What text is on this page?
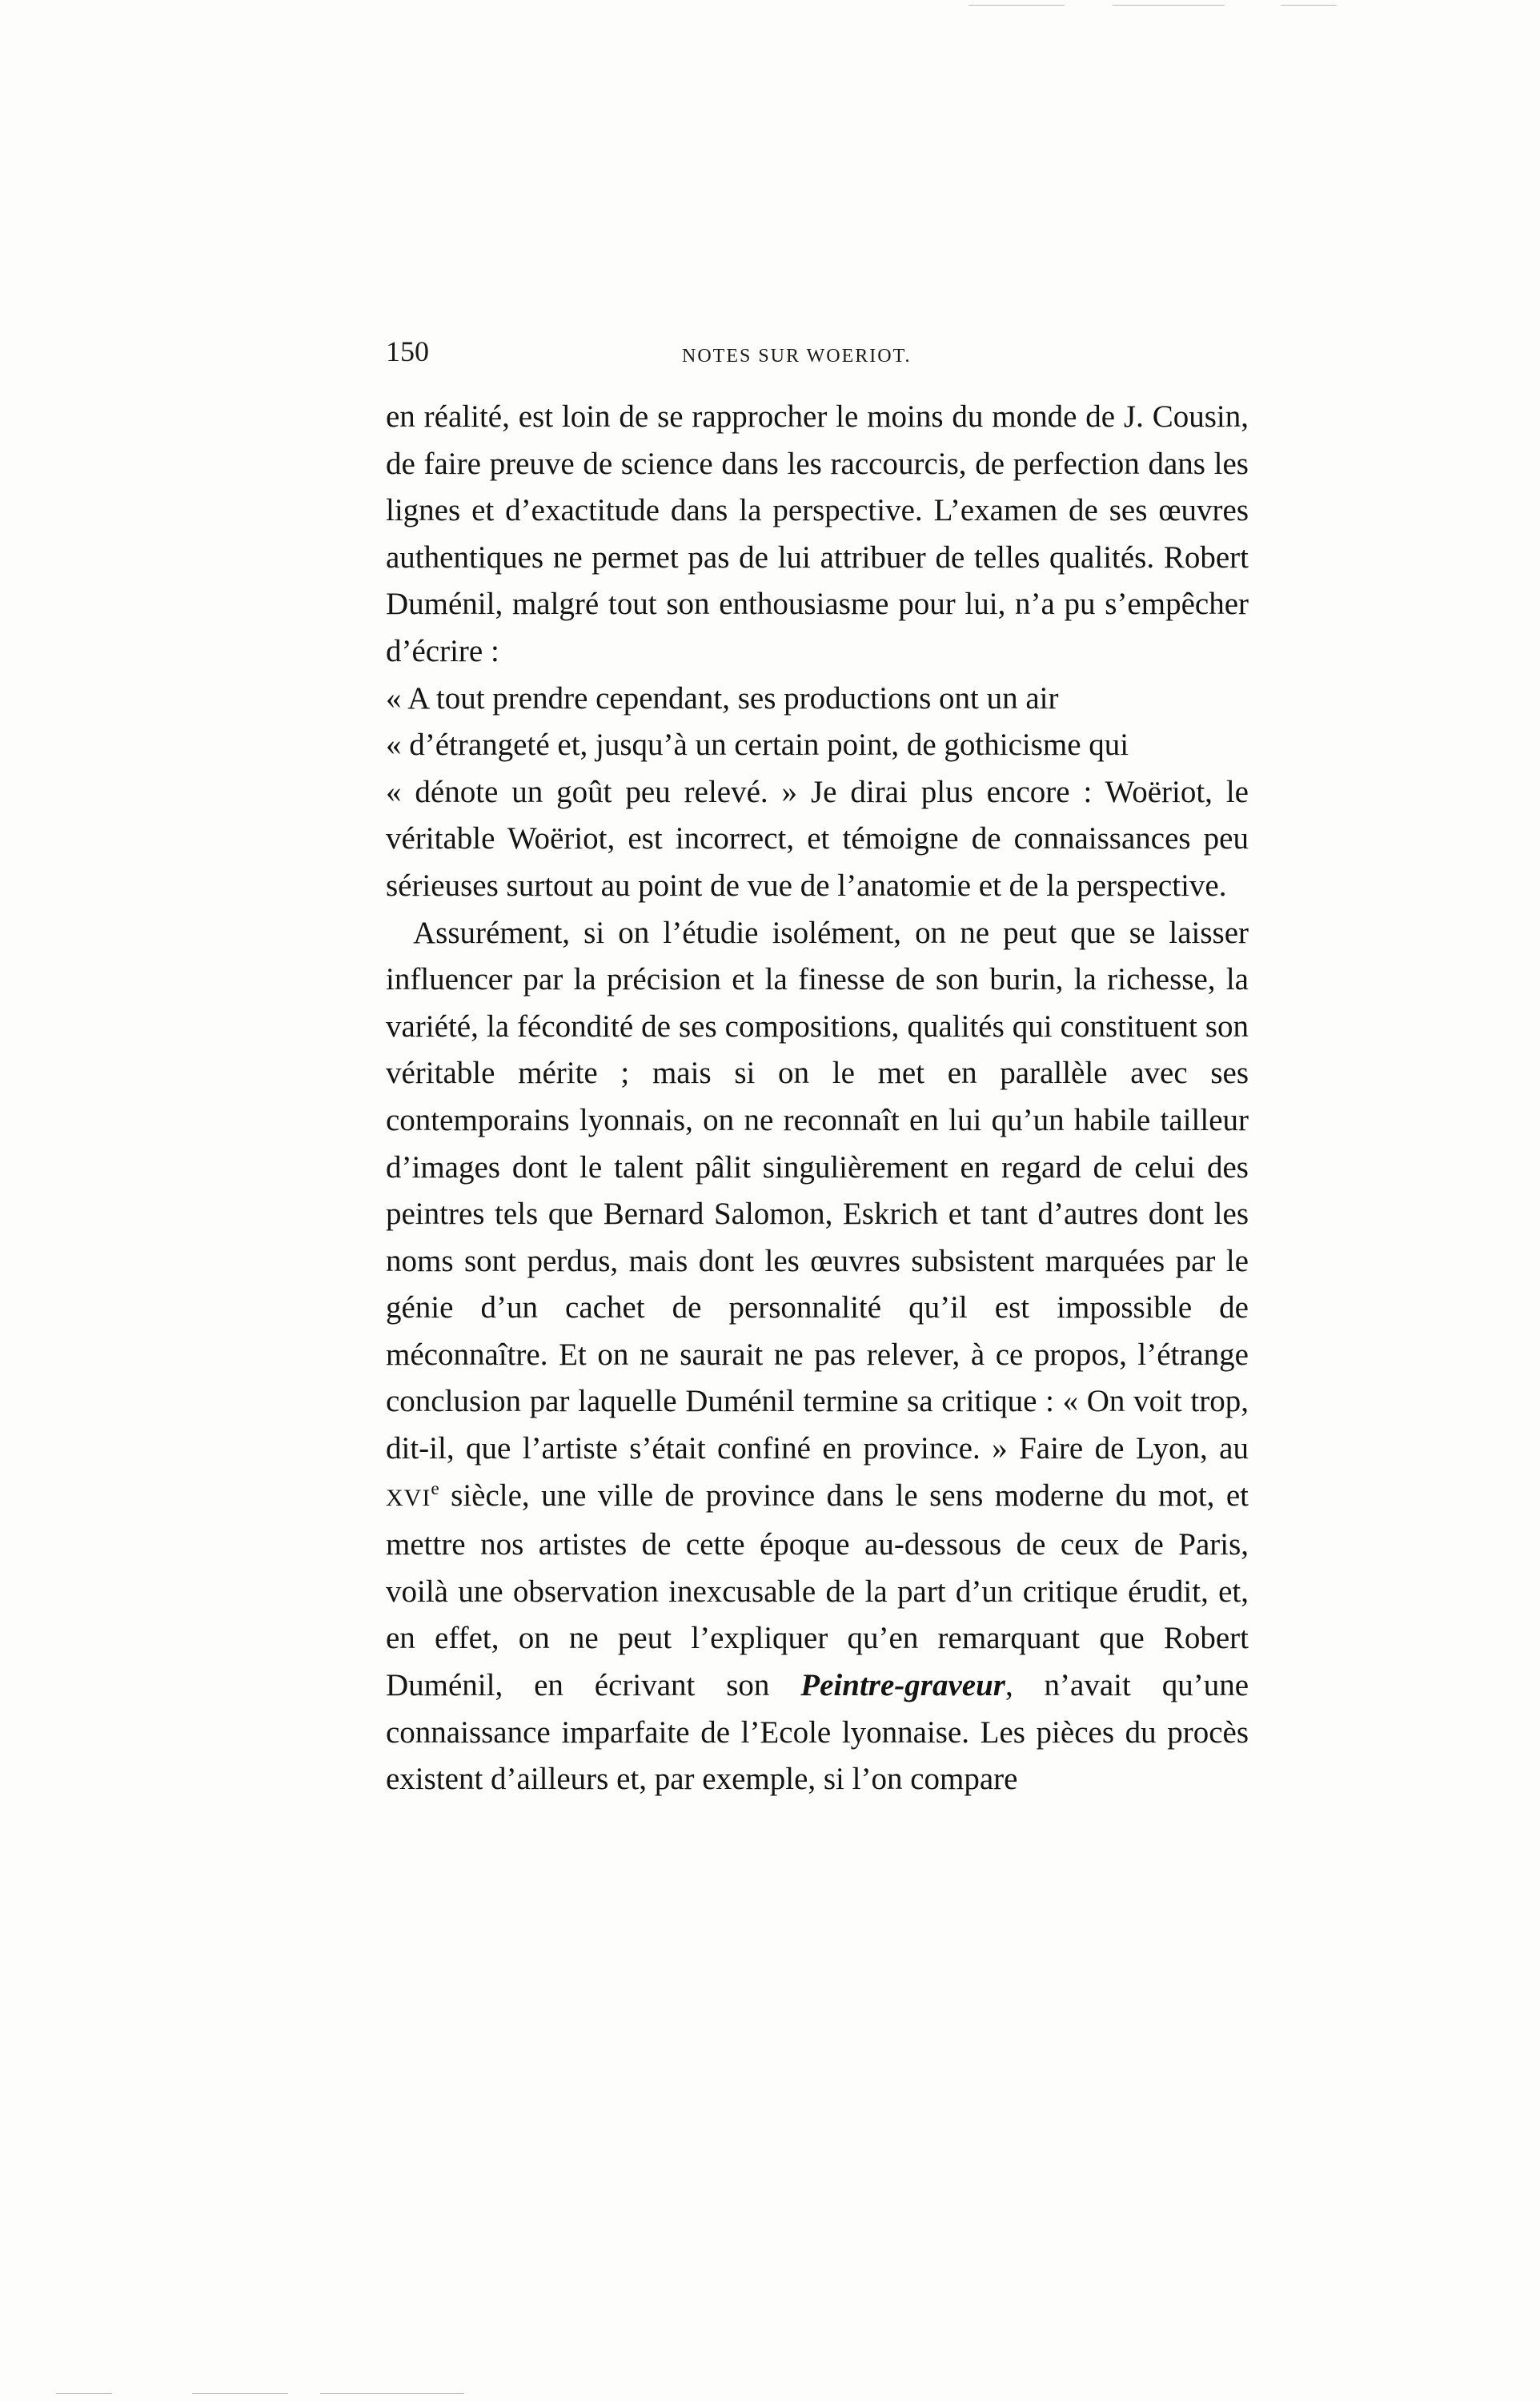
150	NOTES SUR WOERIOT.

en réalité, est loin de se rapprocher le moins du monde de J. Cousin, de faire preuve de science dans les raccourcis, de perfection dans les lignes et d’exactitude dans la perspective. L’examen de ses œuvres authentiques ne permet pas de lui attribuer de telles qualités. Robert Duménil, malgré tout son enthousiasme pour lui, n’a pu s’empêcher d’écrire :
« A tout prendre cependant, ses productions ont un air
« d’étrangeté et, jusqu’à un certain point, de gothicisme qui
« dénote un goût peu relevé. » Je dirai plus encore : Woëriot, le véritable Woëriot, est incorrect, et témoigne de connaissances peu sérieuses surtout au point de vue de l’anatomie et de la perspective.

Assurément, si on l’étudie isolément, on ne peut que se laisser influencer par la précision et la finesse de son burin, la richesse, la variété, la fécondité de ses compositions, qualités qui constituent son véritable mérite ; mais si on le met en parallèle avec ses contemporains lyonnais, on ne reconnaît en lui qu’un habile tailleur d’images dont le talent pâlit singulièrement en regard de celui des peintres tels que Bernard Salomon, Eskrich et tant d’autres dont les noms sont perdus, mais dont les œuvres subsistent marquées par le génie d’un cachet de personnalité qu’il est impossible de méconnaître. Et on ne saurait ne pas relever, à ce propos, l’étrange conclusion par laquelle Duménil termine sa critique : « On voit trop, dit-il, que l’artiste s’était confiné en province. » Faire de Lyon, au XVIe siècle, une ville de province dans le sens moderne du mot, et mettre nos artistes de cette époque au-dessous de ceux de Paris, voilà une observation inexcusable de la part d’un critique érudit, et, en effet, on ne peut l’expliquer qu’en remarquant que Robert Duménil, en écrivant son Peintre-graveur, n’avait qu’une connaissance imparfaite de l’Ecole lyonnaise. Les pièces du procès existent d’ailleurs et, par exemple, si l’on compare
